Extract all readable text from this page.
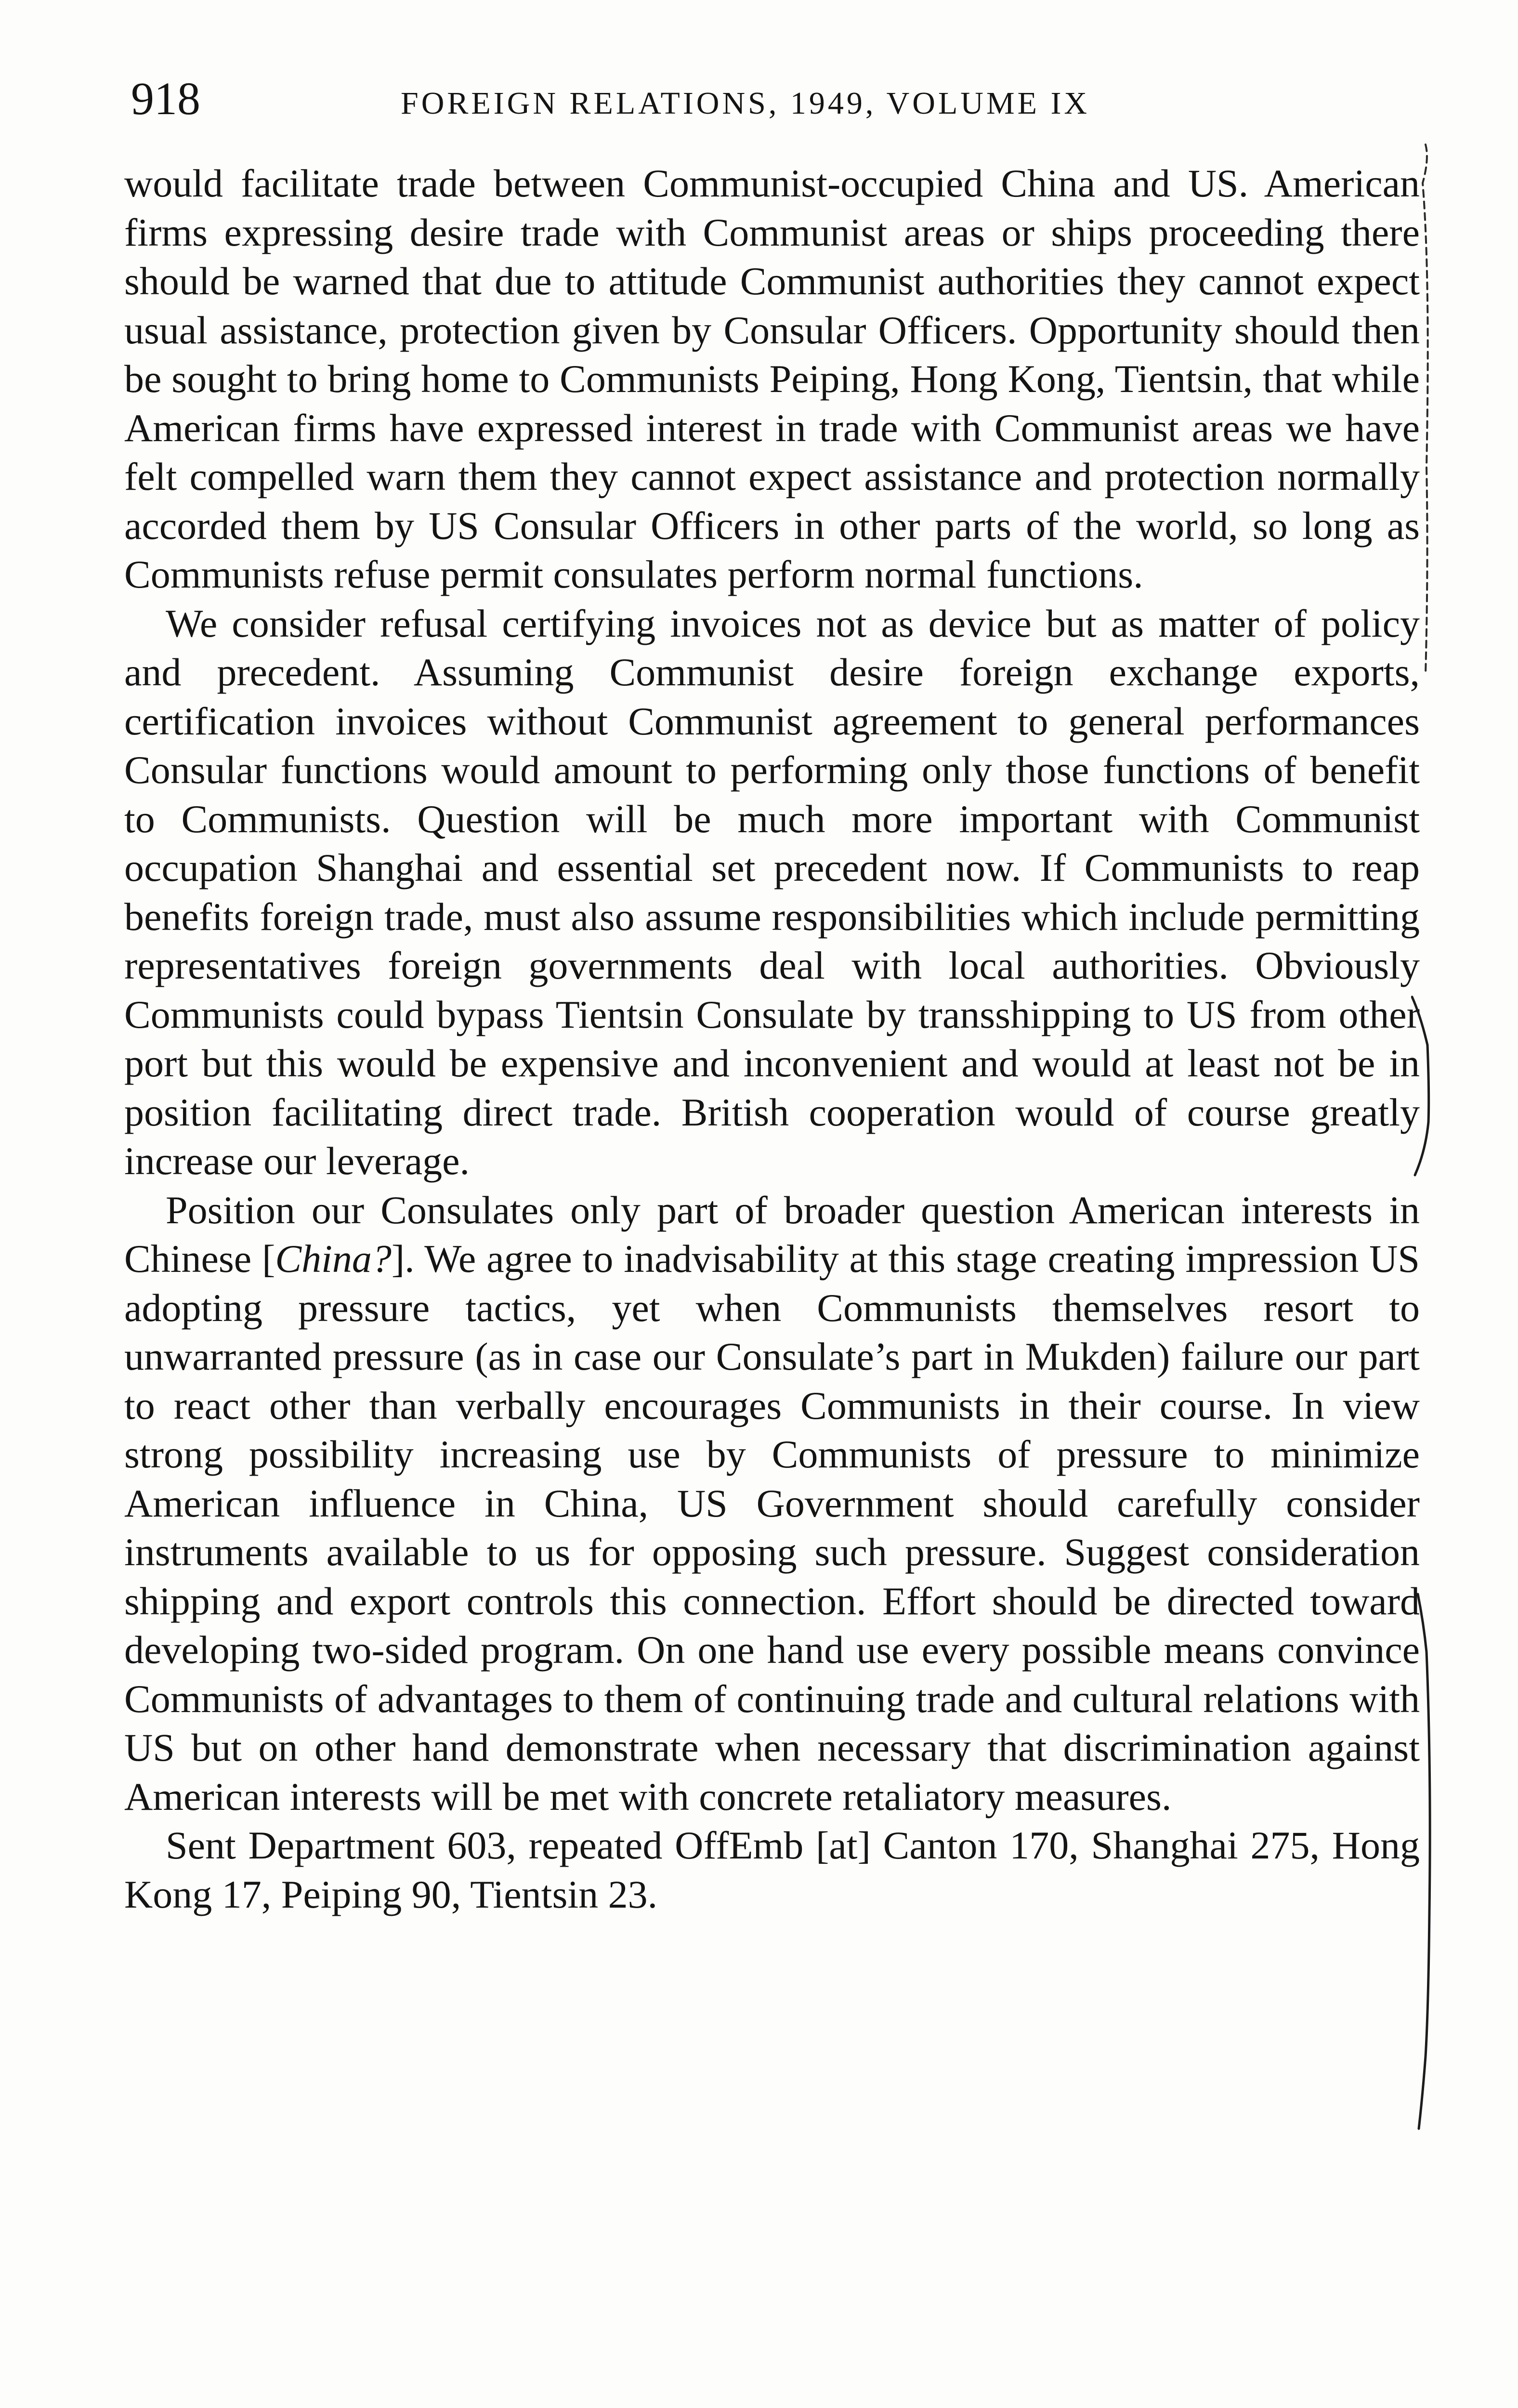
918	FOREIGN RELATIONS, 1949, VOLUME IX

would facilitate trade between Communist-occupied China and US. American firms expressing desire trade with Communist areas or ships proceeding there should be warned that due to attitude Communist authorities they cannot expect usual assistance, protection given by Consular Officers. Opportunity should then be sought to bring home to Communists Peiping, Hong Kong, Tientsin, that while American firms have expressed interest in trade with Communist areas we have felt compelled warn them they cannot expect assistance and protection normally accorded them by US Consular Officers in other parts of the world, so long as Communists refuse permit consulates perform normal functions.

We consider refusal certifying invoices not as device but as matter of policy and precedent. Assuming Communist desire foreign exchange exports, certification invoices without Communist agreement to general performances Consular functions would amount to performing only those functions of benefit to Communists. Question will be much more important with Communist occupation Shanghai and essential set precedent now. If Communists to reap benefits foreign trade, must also assume responsibilities which include permitting representatives foreign governments deal with local authorities. Obviously Communists could bypass Tientsin Consulate by transshipping to US from other port but this would be expensive and inconvenient and would at least not be in position facilitating direct trade. British cooperation would of course greatly increase our leverage.

Position our Consulates only part of broader question American interests in Chinese [China?]. We agree to inadvisability at this stage creating impression US adopting pressure tactics, yet when Communists themselves resort to unwarranted pressure (as in case our Consulate’s part in Mukden) failure our part to react other than verbally encourages Communists in their course. In view strong possibility increasing use by Communists of pressure to minimize American influence in China, US Government should carefully consider instruments available to us for opposing such pressure. Suggest consideration shipping and export controls this connection. Effort should be directed toward developing two-sided program. On one hand use every possible means convince Communists of advantages to them of continuing trade and cultural relations with US but on other hand demonstrate when necessary that discrimination against American interests will be met with concrete retaliatory measures.

Sent Department 603, repeated OffEmb [at] Canton 170, Shanghai 275, Hong Kong 17, Peiping 90, Tientsin 23.
